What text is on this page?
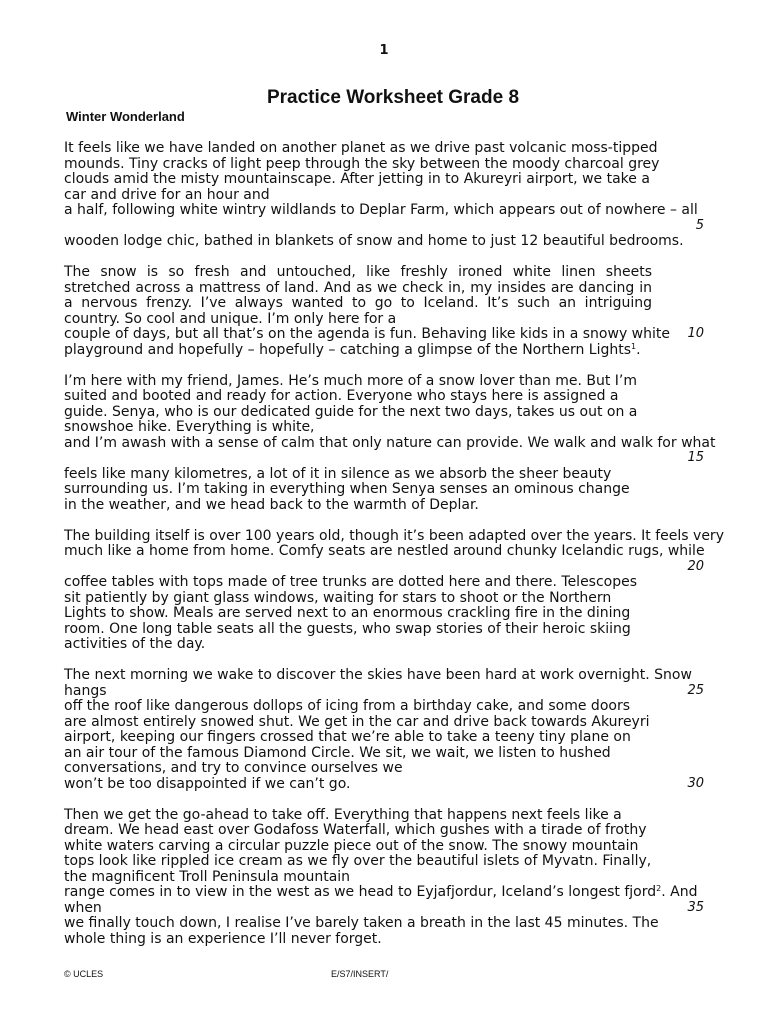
1
Practice Worksheet Grade 8
Winter Wonderland
It feels like we have landed on another planet as we drive past volcanic moss-tipped
mounds. Tiny cracks of light peep through the sky between the moody charcoal grey
clouds amid the misty mountainscape. After jetting in to Akureyri airport, we take a
car and drive for an hour and
a half, following white wintry wildlands to Deplar Farm, which appears out of nowhere – all
5
wooden lodge chic, bathed in blankets of snow and home to just 12 beautiful bedrooms.
The snow is so fresh and untouched, like freshly ironed white linen sheets
stretched across a mattress of land. And as we check in, my insides are dancing in
a nervous frenzy. I’ve always wanted to go to Iceland. It’s such an intriguing
country. So cool and unique. I’m only here for a
couple of days, but all that’s on the agenda is fun. Behaving like kids in a snowy white	10
playground and hopefully – hopefully – catching a glimpse of the Northern Lights$^1$.
I’m here with my friend, James. He’s much more of a snow lover than me. But I’m
suited and booted and ready for action. Everyone who stays here is assigned a
guide. Senya, who is our dedicated guide for the next two days, takes us out on a
snowshoe hike. Everything is white,
and I’m awash with a sense of calm that only nature can provide. We walk and walk for what
15
feels like many kilometres, a lot of it in silence as we absorb the sheer beauty
surrounding us. I’m taking in everything when Senya senses an ominous change
in the weather, and we head back to the warmth of Deplar.
The building itself is over 100 years old, though it’s been adapted over the years. It feels very
much like a home from home. Comfy seats are nestled around chunky Icelandic rugs, while
20
coffee tables with tops made of tree trunks are dotted here and there. Telescopes
sit patiently by giant glass windows, waiting for stars to shoot or the Northern
Lights to show. Meals are served next to an enormous crackling fire in the dining
room. One long table seats all the guests, who swap stories of their heroic skiing
activities of the day.
The next morning we wake to discover the skies have been hard at work overnight. Snow
hangs	25
off the roof like dangerous dollops of icing from a birthday cake, and some doors
are almost entirely snowed shut. We get in the car and drive back towards Akureyri
airport, keeping our fingers crossed that we’re able to take a teeny tiny plane on
an air tour of the famous Diamond Circle. We sit, we wait, we listen to hushed
conversations, and try to convince ourselves we
won’t be too disappointed if we can’t go.	30
Then we get the go-ahead to take off. Everything that happens next feels like a
dream. We head east over Godafoss Waterfall, which gushes with a tirade of frothy
white waters carving a circular puzzle piece out of the snow. The snowy mountain
tops look like rippled ice cream as we fly over the beautiful islets of Myvatn. Finally,
the magnificent Troll Peninsula mountain
range comes in to view in the west as we head to Eyjafjordur, Iceland’s longest fjord$^2$. And
when	35
we finally touch down, I realise I’ve barely taken a breath in the last 45 minutes. The
whole thing is an experience I’ll never forget.
© UCLES	E/S7/INSERT/
